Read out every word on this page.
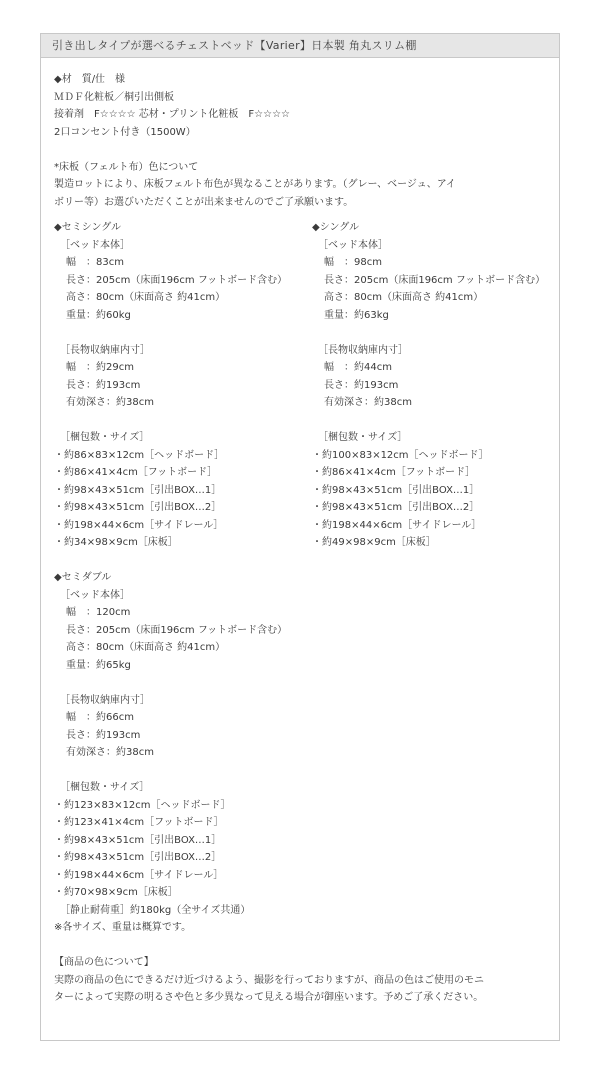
引き出しタイプが選べるチェストベッド【Varier】日本製 角丸スリム棚
◆材　質/仕　様
ＭＤＦ化粧板／桐引出側板
接着剤　F☆☆☆☆ 芯材・プリント化粧板　F☆☆☆☆
2口コンセント付き（1500W）
*床板（フェルト布）色について
製造ロットにより、床板フェルト布色が異なることがあります。（グレー、ベージュ、アイ
ボリー等）お選びいただくことが出来ませんのでご了承願います。
◆セミシングル
［ベッド本体］
幅　：83cm
長さ：205cm（床面196cm フットボード含む）
高さ：80cm（床面高さ 約41cm）
重量：約60kg
［長物収納庫内寸］
幅　：約29cm
長さ：約193cm
有効深さ：約38cm
［梱包数・サイズ］
・約86×83×12cm［ヘッドボード］
・約86×41×4cm［フットボード］
・約98×43×51cm［引出BOX…1］
・約98×43×51cm［引出BOX…2］
・約198×44×6cm［サイドレール］
・約34×98×9cm［床板］
◆シングル
［ベッド本体］
幅　：98cm
長さ：205cm（床面196cm フットボード含む）
高さ：80cm（床面高さ 約41cm）
重量：約63kg
［長物収納庫内寸］
幅　：約44cm
長さ：約193cm
有効深さ：約38cm
［梱包数・サイズ］
・約100×83×12cm［ヘッドボード］
・約86×41×4cm［フットボード］
・約98×43×51cm［引出BOX…1］
・約98×43×51cm［引出BOX…2］
・約198×44×6cm［サイドレール］
・約49×98×9cm［床板］
◆セミダブル
［ベッド本体］
幅　：120cm
長さ：205cm（床面196cm フットボード含む）
高さ：80cm（床面高さ 約41cm）
重量：約65kg
［長物収納庫内寸］
幅　：約66cm
長さ：約193cm
有効深さ：約38cm
［梱包数・サイズ］
・約123×83×12cm［ヘッドボード］
・約123×41×4cm［フットボード］
・約98×43×51cm［引出BOX…1］
・約98×43×51cm［引出BOX…2］
・約198×44×6cm［サイドレール］
・約70×98×9cm［床板］
［静止耐荷重］約180kg（全サイズ共通）
※各サイズ、重量は概算です。
【商品の色について】
実際の商品の色にできるだけ近づけるよう、撮影を行っておりますが、商品の色はご使用のモニ
ターによって実際の明るさや色と多少異なって見える場合が御座います。予めご了承ください。
